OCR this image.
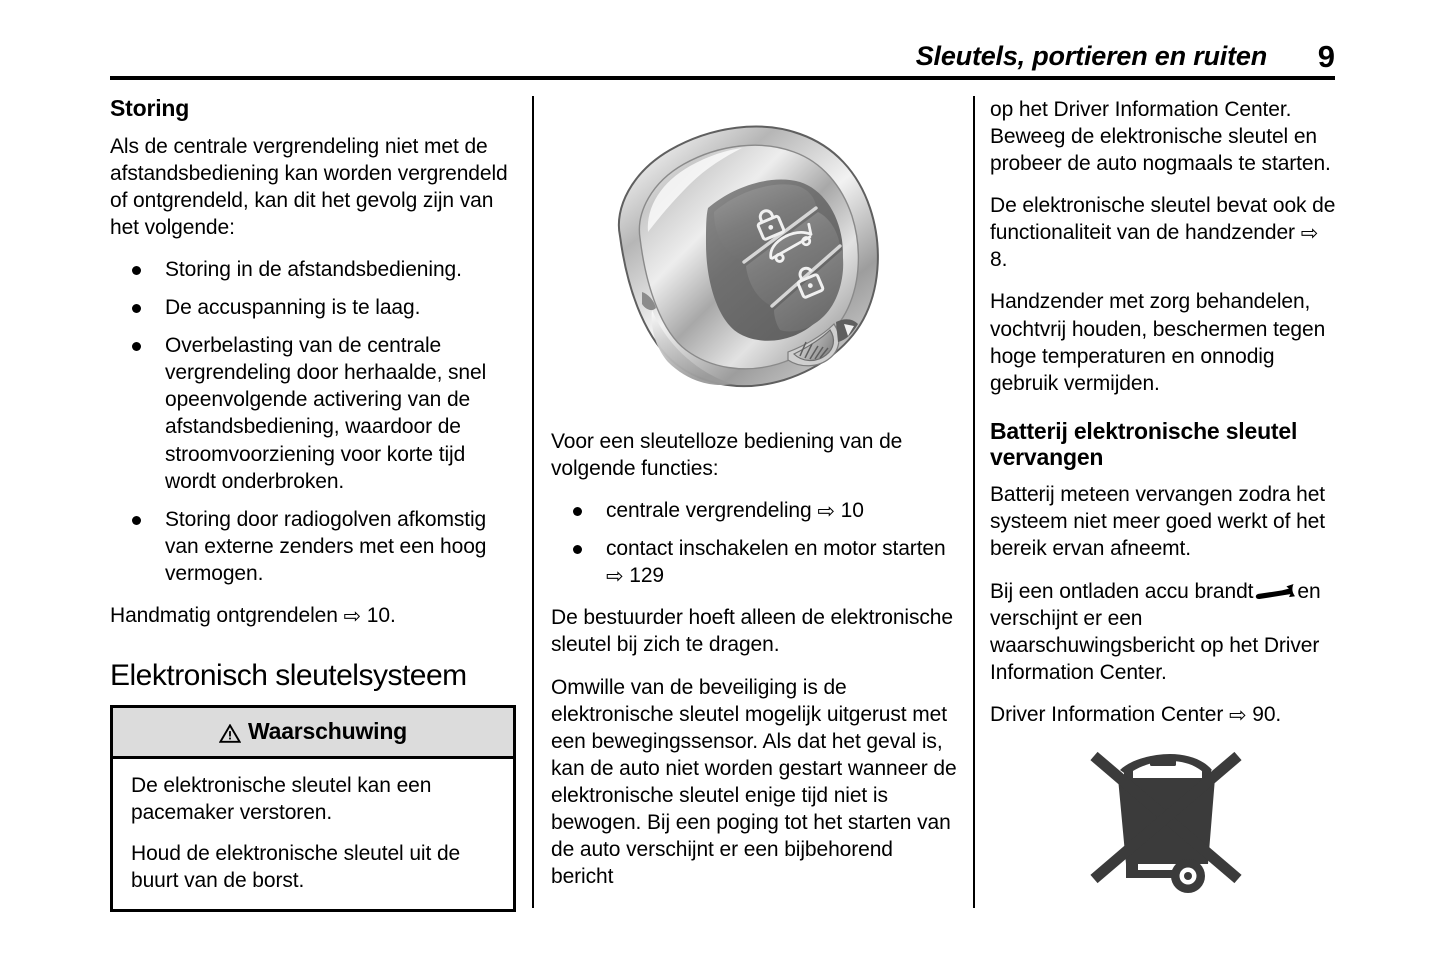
Sleutels, portieren en ruiten 9
Storing

Als de centrale vergrendeling niet met de afstandsbediening kan worden vergrendeld of ontgrendeld, kan dit het gevolg zijn van het volgende:

Storing in de afstandsbediening.
De accuspanning is te laag.
Overbelasting van de centrale vergrendeling door herhaalde, snel opeenvolgende activering van de afstandsbediening, waardoor de stroomvoorziening voor korte tijd wordt onderbroken.
Storing door radiogolven afkomstig van externe zenders met een hoog vermogen.

Handmatig ontgrendelen ⇨ 10.

Elektronisch sleutelsysteem
Waarschuwing

De elektronische sleutel kan een pacemaker verstoren.

Houd de elektronische sleutel uit de buurt van de borst.

Voor een sleutelloze bediening van de volgende functies:

centrale vergrendeling ⇨ 10
contact inschakelen en motor starten ⇨ 129

De bestuurder hoeft alleen de elektronische sleutel bij zich te dragen.

Omwille van de beveiliging is de elektronische sleutel mogelijk uitgerust met een bewegingssensor. Als dat het geval is, kan de auto niet worden gestart wanneer de elektronische sleutel enige tijd niet is bewogen. Bij een poging tot het starten van de auto verschijnt er een bijbehorend bericht

op het Driver Information Center. Beweeg de elektronische sleutel en probeer de auto nogmaals te starten.

De elektronische sleutel bevat ook de functionaliteit van de handzender ⇨ 8.

Handzender met zorg behandelen, vochtvrij houden, beschermen tegen hoge temperaturen en onnodig gebruik vermijden.

Batterij elektronische sleutel vervangen

Batterij meteen vervangen zodra het systeem niet meer goed werkt of het bereik ervan afneemt.

Bij een ontladen accu brandt en verschijnt er een waarschuwingsbericht op het Driver Information Center.

Driver Information Center ⇨ 90.
